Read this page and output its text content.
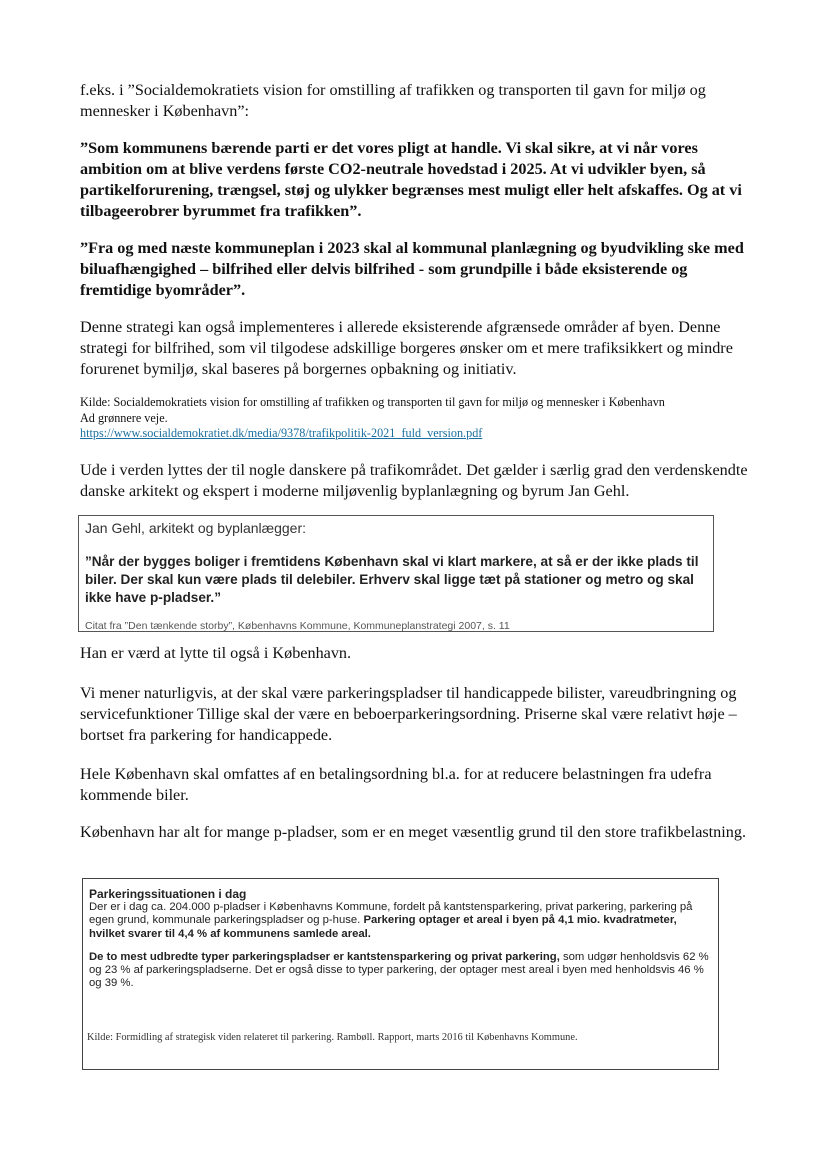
f.eks. i ”Socialdemokratiets vision for omstilling af trafikken og transporten til gavn for miljø og mennesker i København”:

”Som kommunens bærende parti er det vores pligt at handle. Vi skal sikre, at vi når vores ambition om at blive verdens første CO2-neutrale hovedstad i 2025. At vi udvikler byen, så partikelforurening, trængsel, støj og ulykker begrænses mest muligt eller helt afskaffes. Og at vi tilbageerobrer byrummet fra trafikken”.

”Fra og med næste kommuneplan i 2023 skal al kommunal planlægning og byudvikling ske med biluafhængighed – bilfrihed eller delvis bilfrihed - som grundpille i både eksisterende og fremtidige byområder”.

Denne strategi kan også implementeres i allerede eksisterende afgrænsede områder af byen. Denne strategi for bilfrihed, som vil tilgodese adskillige borgeres ønsker om et mere trafiksikkert og mindre forurenet bymiljø, skal baseres på borgernes opbakning og initiativ.

Kilde: Socialdemokratiets vision for omstilling af trafikken og transporten til gavn for miljø og mennesker i København
Ad grønnere veje.
https://www.socialdemokratiet.dk/media/9378/trafikpolitik-2021_fuld_version.pdf

Ude i verden lyttes der til nogle danskere på trafikområdet. Det gælder i særlig grad den verdenskendte danske arkitekt og ekspert i moderne miljøvenlig byplanlægning og byrum Jan Gehl.

Jan Gehl, arkitekt og byplanlægger:
”Når der bygges boliger i fremtidens København skal vi klart markere, at så er der ikke plads til biler. Der skal kun være plads til delebiler. Erhverv skal ligge tæt på stationer og metro og skal ikke have p-pladser.”
Citat fra ”Den tænkende storby”, Københavns Kommune, Kommuneplanstrategi 2007, s. 11

Han er værd at lytte til også i København.

Vi mener naturligvis, at der skal være parkeringspladser til handicappede bilister, vareudbringning og servicefunktioner Tillige skal der være en beboerparkeringsordning. Priserne skal være relativt høje – bortset fra parkering for handicappede.

Hele København skal omfattes af en betalingsordning bl.a. for at reducere belastningen fra udefra kommende biler.

København har alt for mange p-pladser, som er en meget væsentlig grund til den store trafikbelastning.

Parkeringssituationen i dag
Der er i dag ca. 204.000 p-pladser i Københavns Kommune, fordelt på kantstensparkering, privat parkering, parkering på egen grund, kommunale parkeringspladser og p-huse. Parkering optager et areal i byen på 4,1 mio. kvadratmeter, hvilket svarer til 4,4 % af kommunens samlede areal.
De to mest udbredte typer parkeringspladser er kantstensparkering og privat parkering, som udgør henholdsvis 62 % og 23 % af parkeringspladserne. Det er også disse to typer parkering, der optager mest areal i byen med henholdsvis 46 % og 39 %.
Kilde: Formidling af strategisk viden relateret til parkering. Rambøll. Rapport, marts 2016 til Københavns Kommune.
